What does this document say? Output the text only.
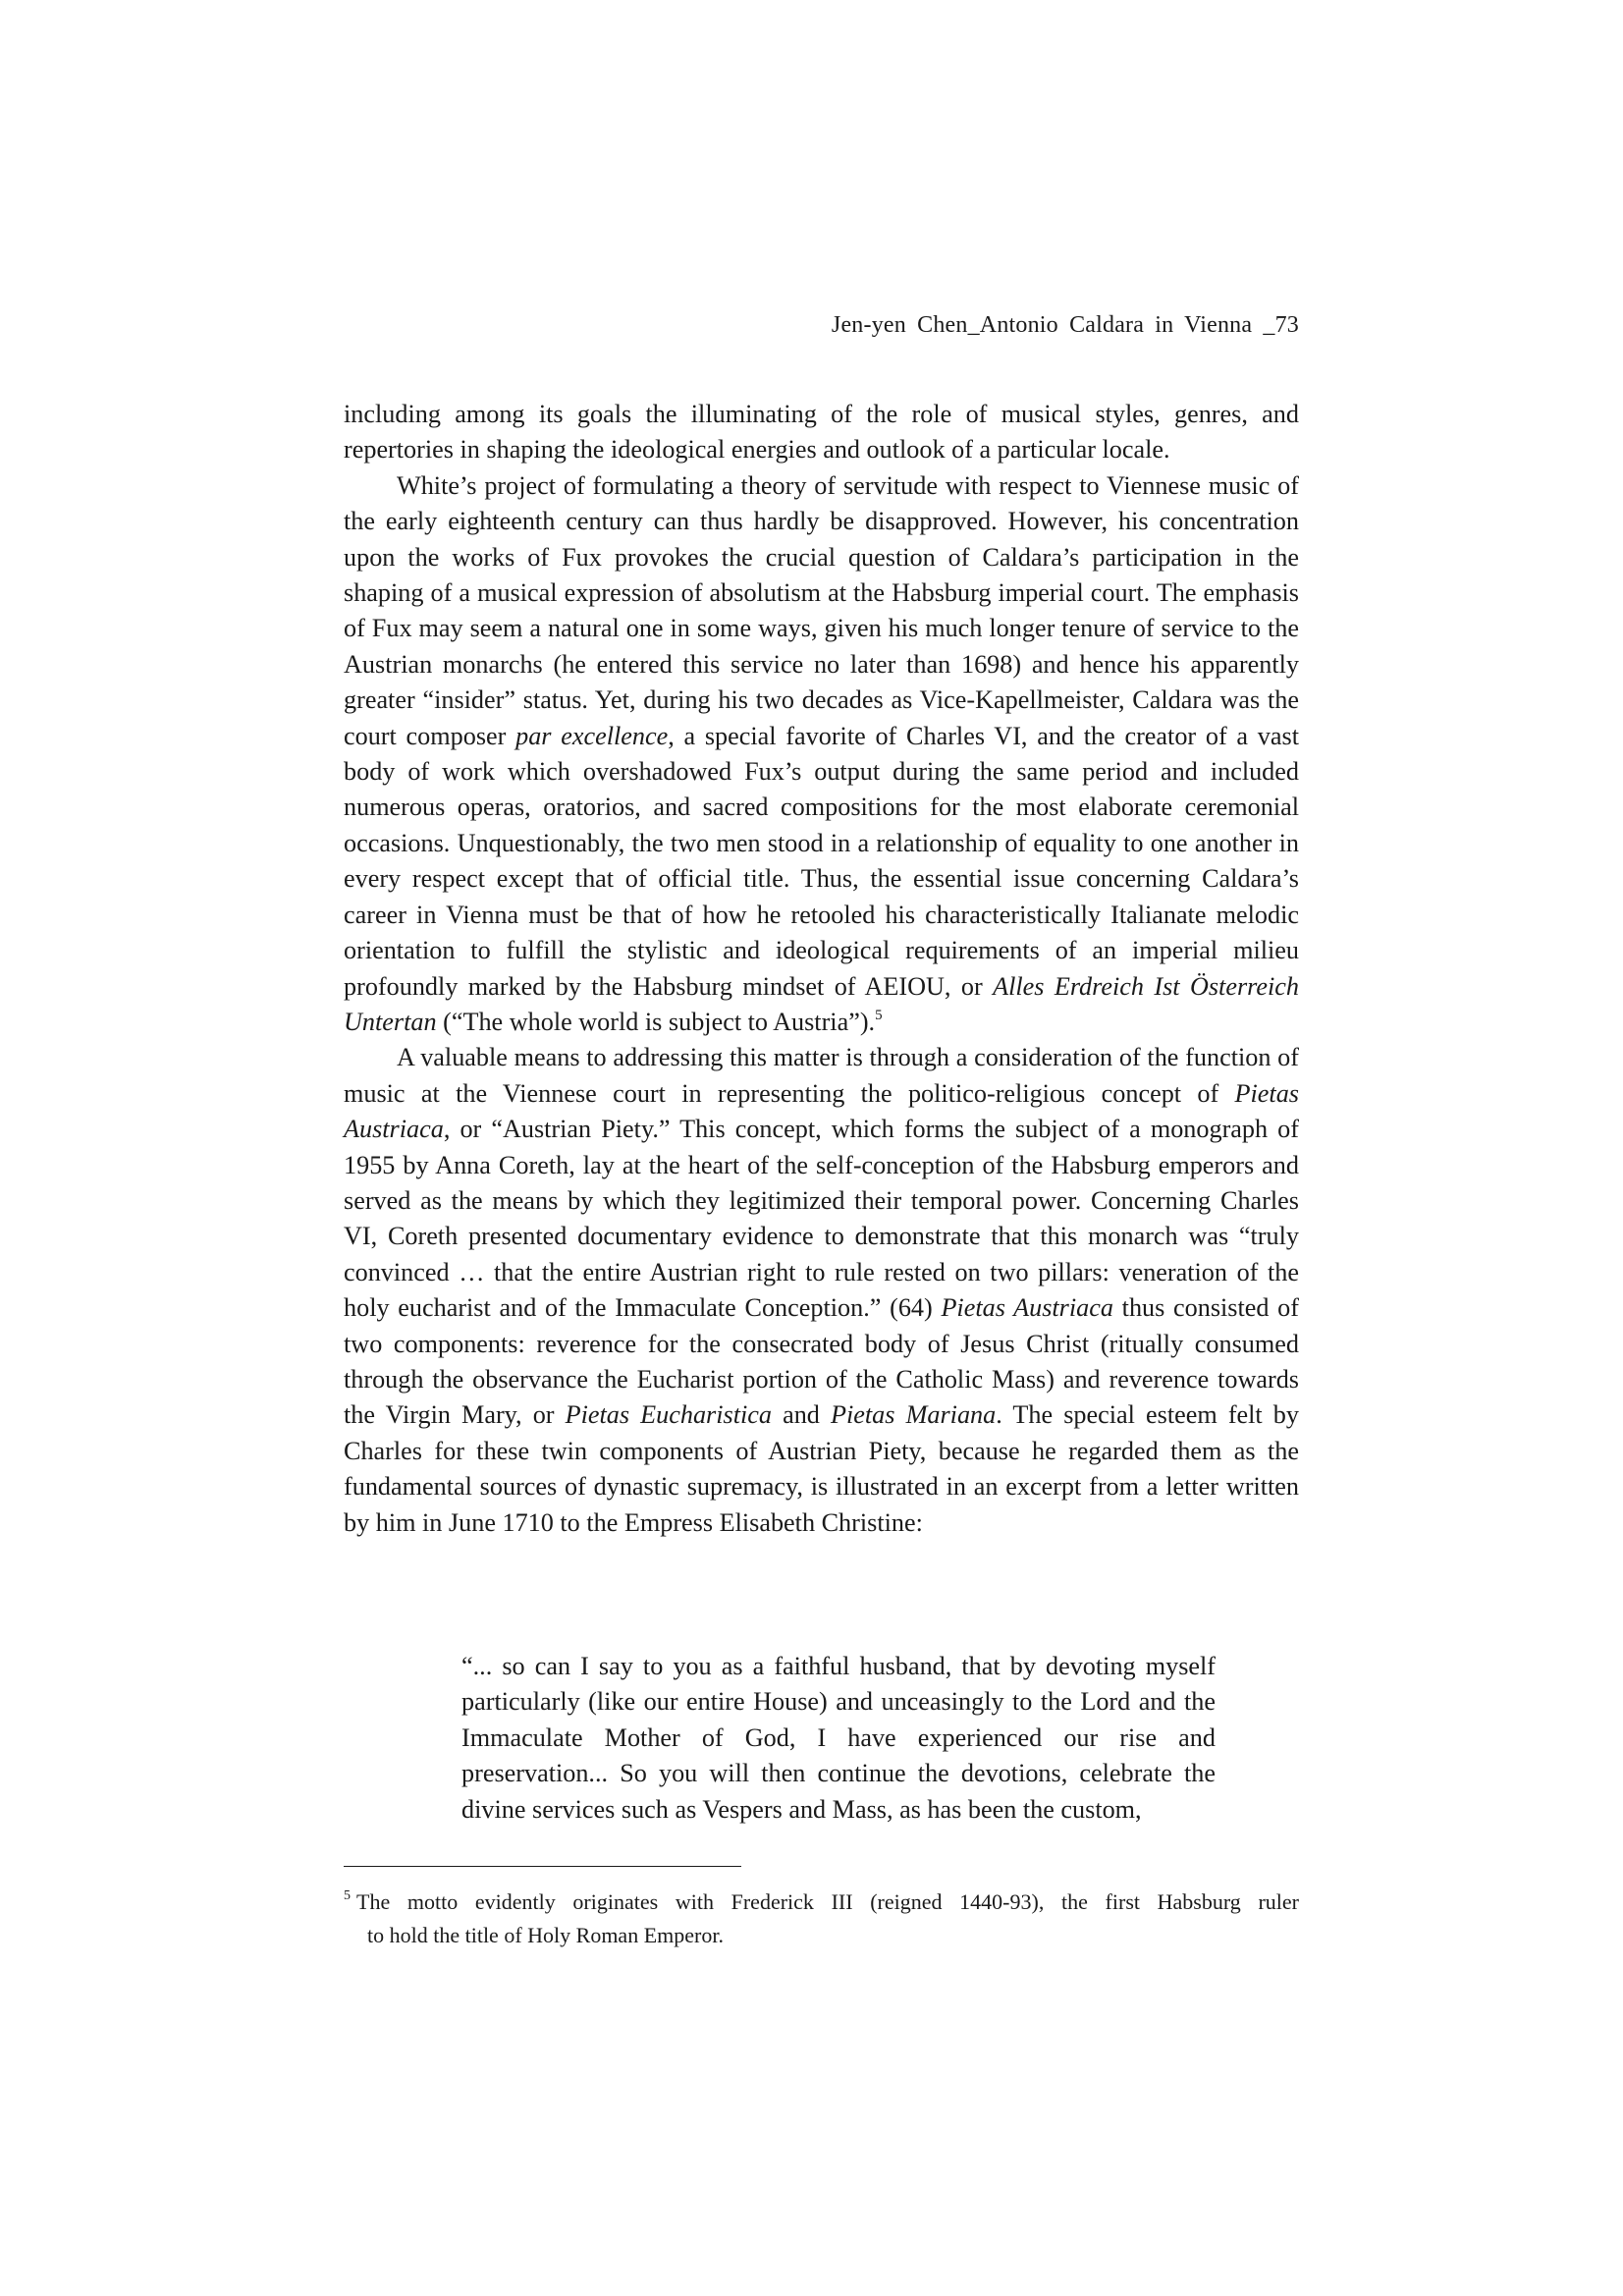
Jen-yen Chen_Antonio Caldara in Vienna _73

including among its goals the illuminating of the role of musical styles, genres, and repertories in shaping the ideological energies and outlook of a particular locale.

White’s project of formulating a theory of servitude with respect to Viennese music of the early eighteenth century can thus hardly be disapproved. However, his concentration upon the works of Fux provokes the crucial question of Caldara’s participation in the shaping of a musical expression of absolutism at the Habsburg imperial court. The emphasis of Fux may seem a natural one in some ways, given his much longer tenure of service to the Austrian monarchs (he entered this service no later than 1698) and hence his apparently greater “insider” status. Yet, during his two decades as Vice-Kapellmeister, Caldara was the court composer par excellence, a special favorite of Charles VI, and the creator of a vast body of work which overshadowed Fux’s output during the same period and included numerous operas, oratorios, and sacred compositions for the most elaborate ceremonial occasions. Unquestionably, the two men stood in a relationship of equality to one another in every respect except that of official title. Thus, the essential issue concerning Caldara’s career in Vienna must be that of how he retooled his characteristically Italianate melodic orientation to fulfill the stylistic and ideological requirements of an imperial milieu profoundly marked by the Habsburg mindset of AEIOU, or Alles Erdreich Ist Österreich Untertan (“The whole world is subject to Austria”).$^5$

A valuable means to addressing this matter is through a consideration of the function of music at the Viennese court in representing the politico-religious concept of Pietas Austriaca, or “Austrian Piety.” This concept, which forms the subject of a monograph of 1955 by Anna Coreth, lay at the heart of the self-conception of the Habsburg emperors and served as the means by which they legitimized their temporal power. Concerning Charles VI, Coreth presented documentary evidence to demonstrate that this monarch was “truly convinced … that the entire Austrian right to rule rested on two pillars: veneration of the holy eucharist and of the Immaculate Conception.” (64) Pietas Austriaca thus consisted of two components: reverence for the consecrated body of Jesus Christ (ritually consumed through the observance the Eucharist portion of the Catholic Mass) and reverence towards the Virgin Mary, or Pietas Eucharistica and Pietas Mariana. The special esteem felt by Charles for these twin components of Austrian Piety, because he regarded them as the fundamental sources of dynastic supremacy, is illustrated in an excerpt from a letter written by him in June 1710 to the Empress Elisabeth Christine:

“... so can I say to you as a faithful husband, that by devoting myself particularly (like our entire House) and unceasingly to the Lord and the Immaculate Mother of God, I have experienced our rise and preservation... So you will then continue the devotions, celebrate the divine services such as Vespers and Mass, as has been the custom,

$^5$ The motto evidently originates with Frederick III (reigned 1440-93), the first Habsburg ruler
to hold the title of Holy Roman Emperor.
